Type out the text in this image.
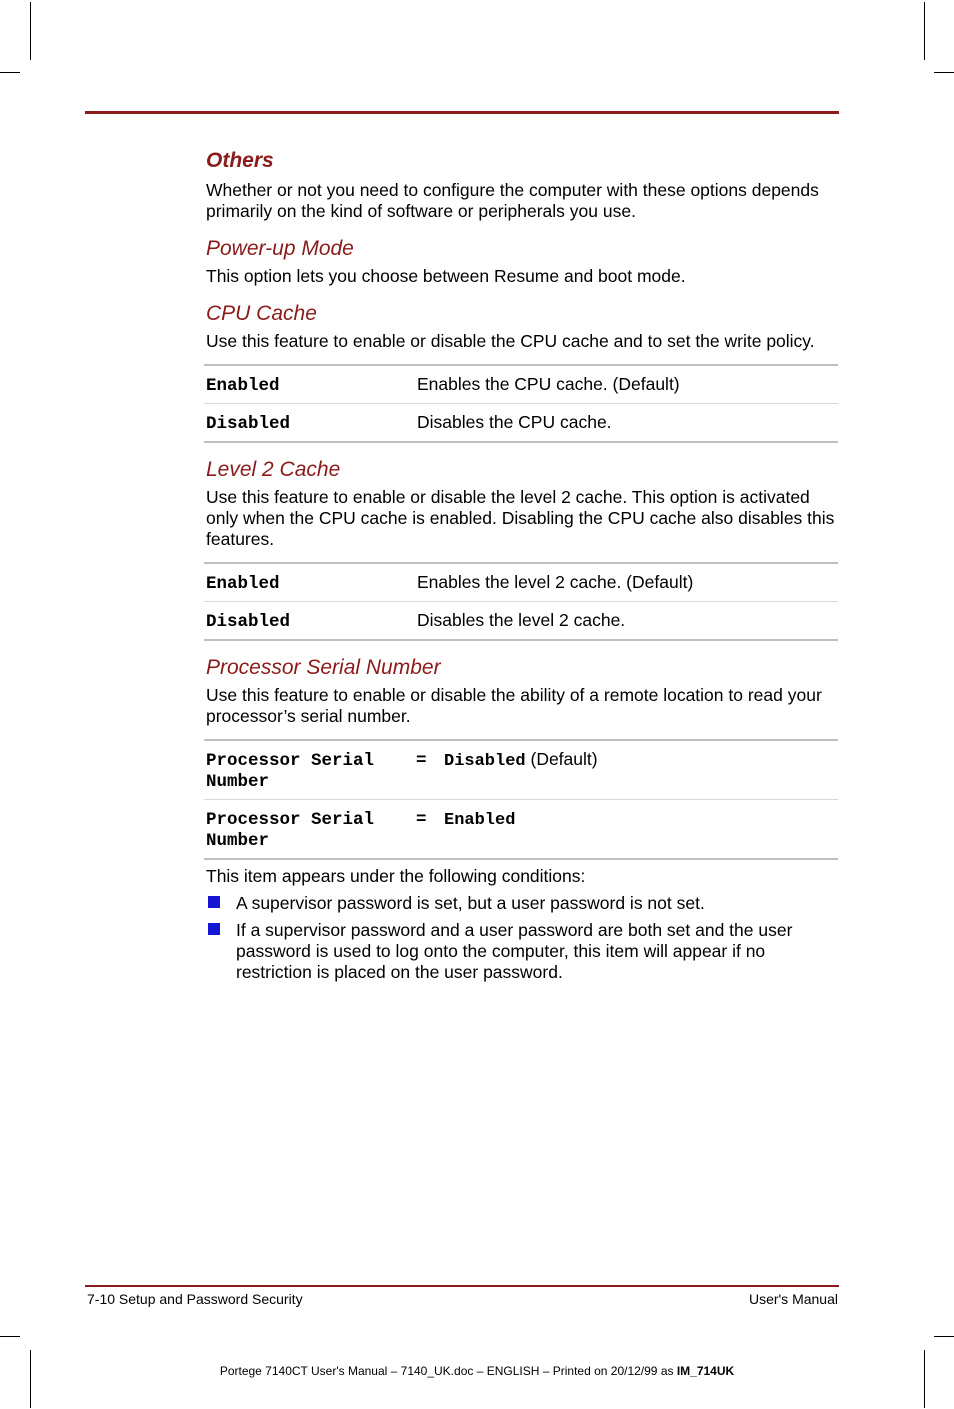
Others

Whether or not you need to configure the computer with these options depends primarily on the kind of software or peripherals you use.

Power-up Mode

This option lets you choose between Resume and boot mode.

CPU Cache

Use this feature to enable or disable the CPU cache and to set the write policy.

Enabled	Enables the CPU cache. (Default)
Disabled	Disables the CPU cache.
Level 2 Cache

Use this feature to enable or disable the level 2 cache. This option is activated only when the CPU cache is enabled. Disabling the CPU cache also disables this features.

Enabled	Enables the level 2 cache. (Default)
Disabled	Disables the level 2 cache.
Processor Serial Number

Use this feature to enable or disable the ability of a remote location to read your processor’s serial number.

Processor Serial Number	=	Disabled (Default)
Processor Serial Number	=	Enabled

This item appears under the following conditions:

A supervisor password is set, but a user password is not set.
If a supervisor password and a user password are both set and the user password is used to log onto the computer, this item will appear if no restriction is placed on the user password.
7-10 Setup and Password Security	User's Manual
Portege 7140CT User's Manual – 7140_UK.doc – ENGLISH – Printed on 20/12/99 as IM_714UK
